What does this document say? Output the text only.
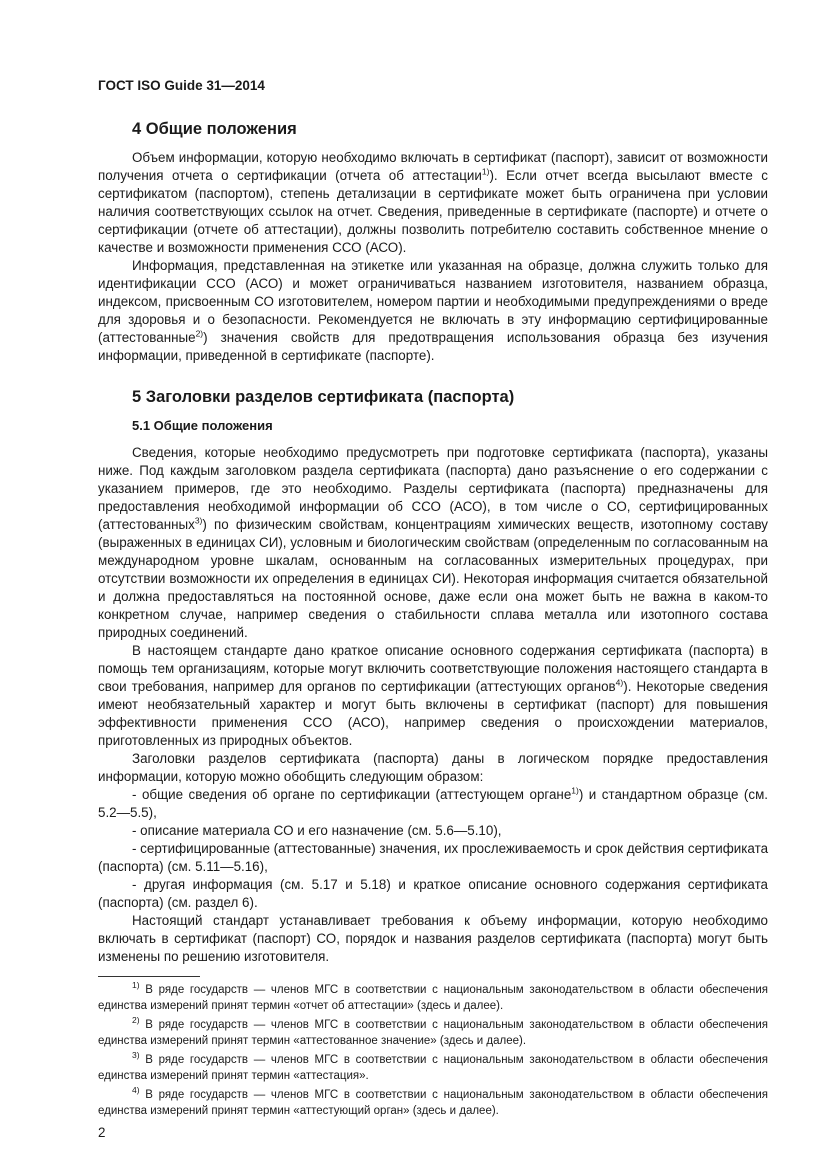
ГОСТ ISO Guide 31—2014
4 Общие положения

Объем информации, которую необходимо включать в сертификат (паспорт), зависит от возможности получения отчета о сертификации (отчета об аттестации$^{1)}$). Если отчет всегда высылают вместе с сертификатом (паспортом), степень детализации в сертификате может быть ограничена при условии наличия соответствующих ссылок на отчет. Сведения, приведенные в сертификате (паспорте) и отчете о сертификации (отчете об аттестации), должны позволить потребителю составить собственное мнение о качестве и возможности применения ССО (АСО).

Информация, представленная на этикетке или указанная на образце, должна служить только для идентификации ССО (АСО) и может ограничиваться названием изготовителя, названием образца, индексом, присвоенным СО изготовителем, номером партии и необходимыми предупреждениями о вреде для здоровья и о безопасности. Рекомендуется не включать в эту информацию сертифицированные (аттестованные$^{2)}$) значения свойств для предотвращения использования образца без изучения информации, приведенной в сертификате (паспорте).

5 Заголовки разделов сертификата (паспорта)
5.1 Общие положения

Сведения, которые необходимо предусмотреть при подготовке сертификата (паспорта), указаны ниже. Под каждым заголовком раздела сертификата (паспорта) дано разъяснение о его содержании с указанием примеров, где это необходимо. Разделы сертификата (паспорта) предназначены для предоставления необходимой информации об ССО (АСО), в том числе о СО, сертифицированных (аттестованных$^{3)}$) по физическим свойствам, концентрациям химических веществ, изотопному составу (выраженных в единицах СИ), условным и биологическим свойствам (определенным по согласованным на международном уровне шкалам, основанным на согласованных измерительных процедурах, при отсутствии возможности их определения в единицах СИ). Некоторая информация считается обязательной и должна предоставляться на постоянной основе, даже если она может быть не важна в каком-то конкретном случае, например сведения о стабильности сплава металла или изотопного состава природных соединений.

В настоящем стандарте дано краткое описание основного содержания сертификата (паспорта) в помощь тем организациям, которые могут включить соответствующие положения настоящего стандарта в свои требования, например для органов по сертификации (аттестующих органов$^{4)}$). Некоторые сведения имеют необязательный характер и могут быть включены в сертификат (паспорт) для повышения эффективности применения ССО (АСО), например сведения о происхождении материалов, приготовленных из природных объектов.

Заголовки разделов сертификата (паспорта) даны в логическом порядке предоставления информации, которую можно обобщить следующим образом:

- общие сведения об органе по сертификации (аттестующем органе$^{1)}$) и стандартном образце (см. 5.2—5.5),

- описание материала СО и его назначение (см. 5.6—5.10),

- сертифицированные (аттестованные) значения, их прослеживаемость и срок действия сертификата (паспорта) (см. 5.11—5.16),

- другая информация (см. 5.17 и 5.18) и краткое описание основного содержания сертификата (паспорта) (см. раздел 6).

Настоящий стандарт устанавливает требования к объему информации, которую необходимо включать в сертификат (паспорт) СО, порядок и названия разделов сертификата (паспорта) могут быть изменены по решению изготовителя.

$^{1)}$ В ряде государств — членов МГС в соответствии с национальным законодательством в области обеспечения единства измерений принят термин «отчет об аттестации» (здесь и далее).

$^{2)}$ В ряде государств — членов МГС в соответствии с национальным законодательством в области обеспечения единства измерений принят термин «аттестованное значение» (здесь и далее).

$^{3)}$ В ряде государств — членов МГС в соответствии с национальным законодательством в области обеспечения единства измерений принят термин «аттестация».

$^{4)}$ В ряде государств — членов МГС в соответствии с национальным законодательством в области обеспечения единства измерений принят термин «аттестующий орган» (здесь и далее).

2
